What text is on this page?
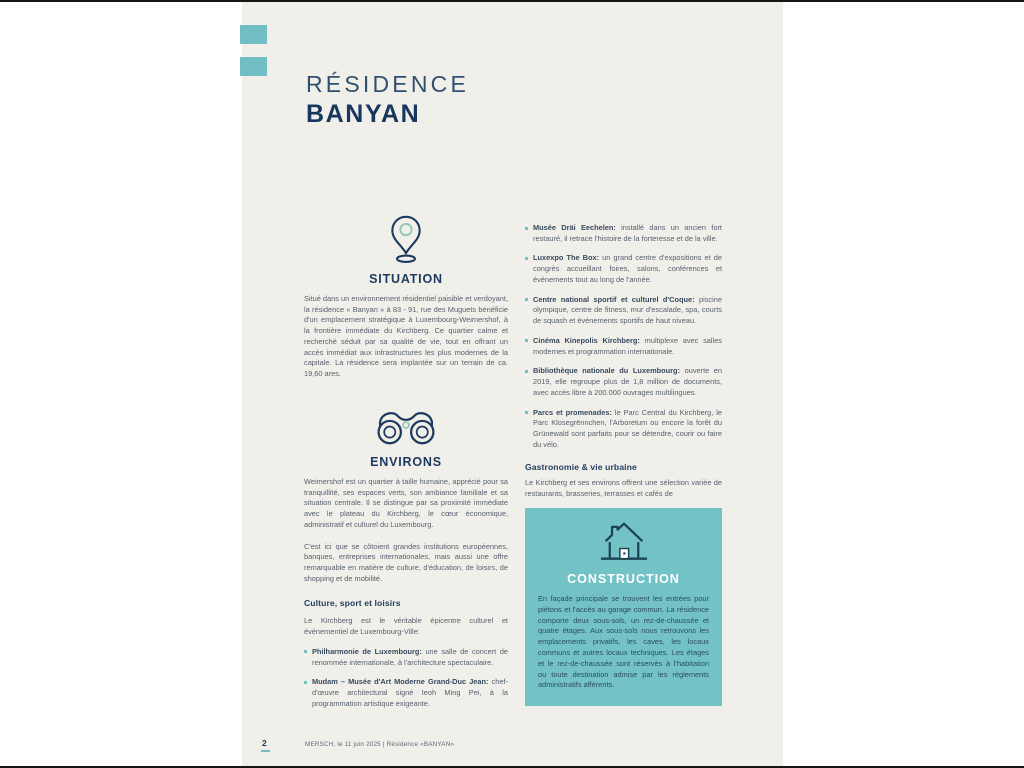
RÉSIDENCE
BANYAN
SITUATION
Situé dans un environnement résidentiel paisible et verdoyant, la résidence « Banyan » à 83 - 91, rue des Muguets bénéficie d'un emplacement stratégique à Luxembourg-Weimershof, à la frontière immédiate du Kirchberg. Ce quartier calme et recherché séduit par sa qualité de vie, tout en offrant un accès immédiat aux infrastructures les plus modernes de la capitale. La résidence sera implantée sur un terrain de ca. 19,60 ares.
ENVIRONS
Weimershof est un quartier à taille humaine, apprécié pour sa tranquillité, ses espaces verts, son ambiance familiale et sa situation centrale. Il se distingue par sa proximité immédiate avec le plateau du Kirchberg, le cœur économique, administratif et culturel du Luxembourg.
C'est ici que se côtoient grandes institutions européennes, banques, entreprises internationales, mais aussi une offre remarquable en matière de culture, d'éducation, de loisirs, de shopping et de mobilité.
Culture, sport et loisirs
Le Kirchberg est le véritable épicentre culturel et événementiel de Luxembourg-Ville:
Philharmonie de Luxembourg: une salle de concert de renommée internationale, à l'architecture spectaculaire.
Mudam – Musée d'Art Moderne Grand-Duc Jean: chef-d'œuvre architectural signé Ieoh Ming Pei, à la programmation artistique exigeante.
Musée Dräi Eechelen: installé dans un ancien fort restauré, il retrace l'histoire de la forteresse et de la ville.
Luxexpo The Box: un grand centre d'expositions et de congrès accueillant foires, salons, conférences et événements tout au long de l'année.
Centre national sportif et culturel d'Coque: piscine olympique, centre de fitness, mur d'escalade, spa, courts de squash et événements sportifs de haut niveau.
Cinéma Kinepolis Kirchberg: multiplexe avec salles modernes et programmation internationale.
Bibliothèque nationale du Luxembourg: ouverte en 2019, elle regroupe plus de 1,8 million de documents, avec accès libre à 200.000 ouvrages multilingues.
Parcs et promenades: le Parc Central du Kirchberg, le Parc Klosegrënnchen, l'Arboretum ou encore la forêt du Grünewald sont parfaits pour se détendre, courir ou faire du vélo.
Gastronomie & vie urbaine
Le Kirchberg et ses environs offrent une sélection variée de restaurants, brasseries, terrasses et cafés de
CONSTRUCTION
En façade principale se trouvent les entrées pour piétons et l'accès au garage commun. La résidence comporte deux sous-sols, un rez-de-chaussée et quatre étages. Aux sous-sols nous retrouvons les emplacements privatifs, les caves, les locaux communs et autres locaux techniques. Les étages et le rez-de-chaussée sont réservés à l'habitation ou toute destination admise par les règlements administratifs afférents.
2	MERSCH, le 11 juin 2025 | Résidence «BANYAN»
